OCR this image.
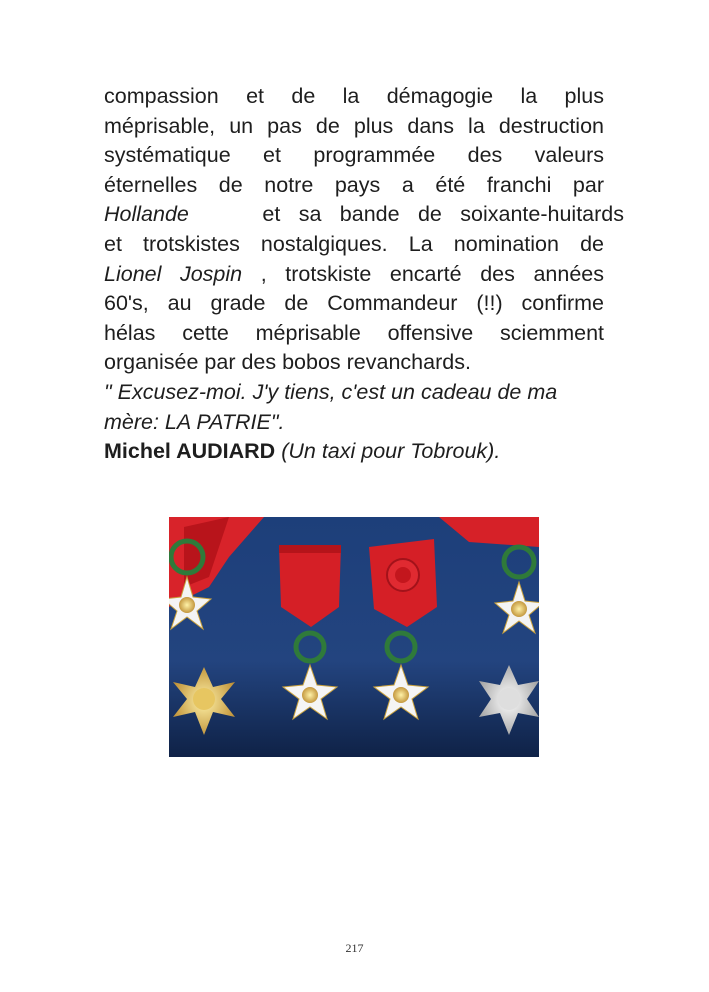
compassion et de la démagogie la plus
méprisable, un pas de plus dans la destruction
systématique et programmée des valeurs
éternelles de notre pays a été franchi par
Hollande	et sa bande de soixante-huitards
et trotskistes nostalgiques. La nomination de
Lionel Jospin , trotskiste encarté des années
60's, au grade de Commandeur (!!) confirme
hélas cette méprisable offensive sciemment
organisée par des bobos revanchards.
" Excusez-moi. J'y tiens, c'est un cadeau de ma
mère: LA PATRIE".
Michel AUDIARD (Un taxi pour Tobrouk).
217
